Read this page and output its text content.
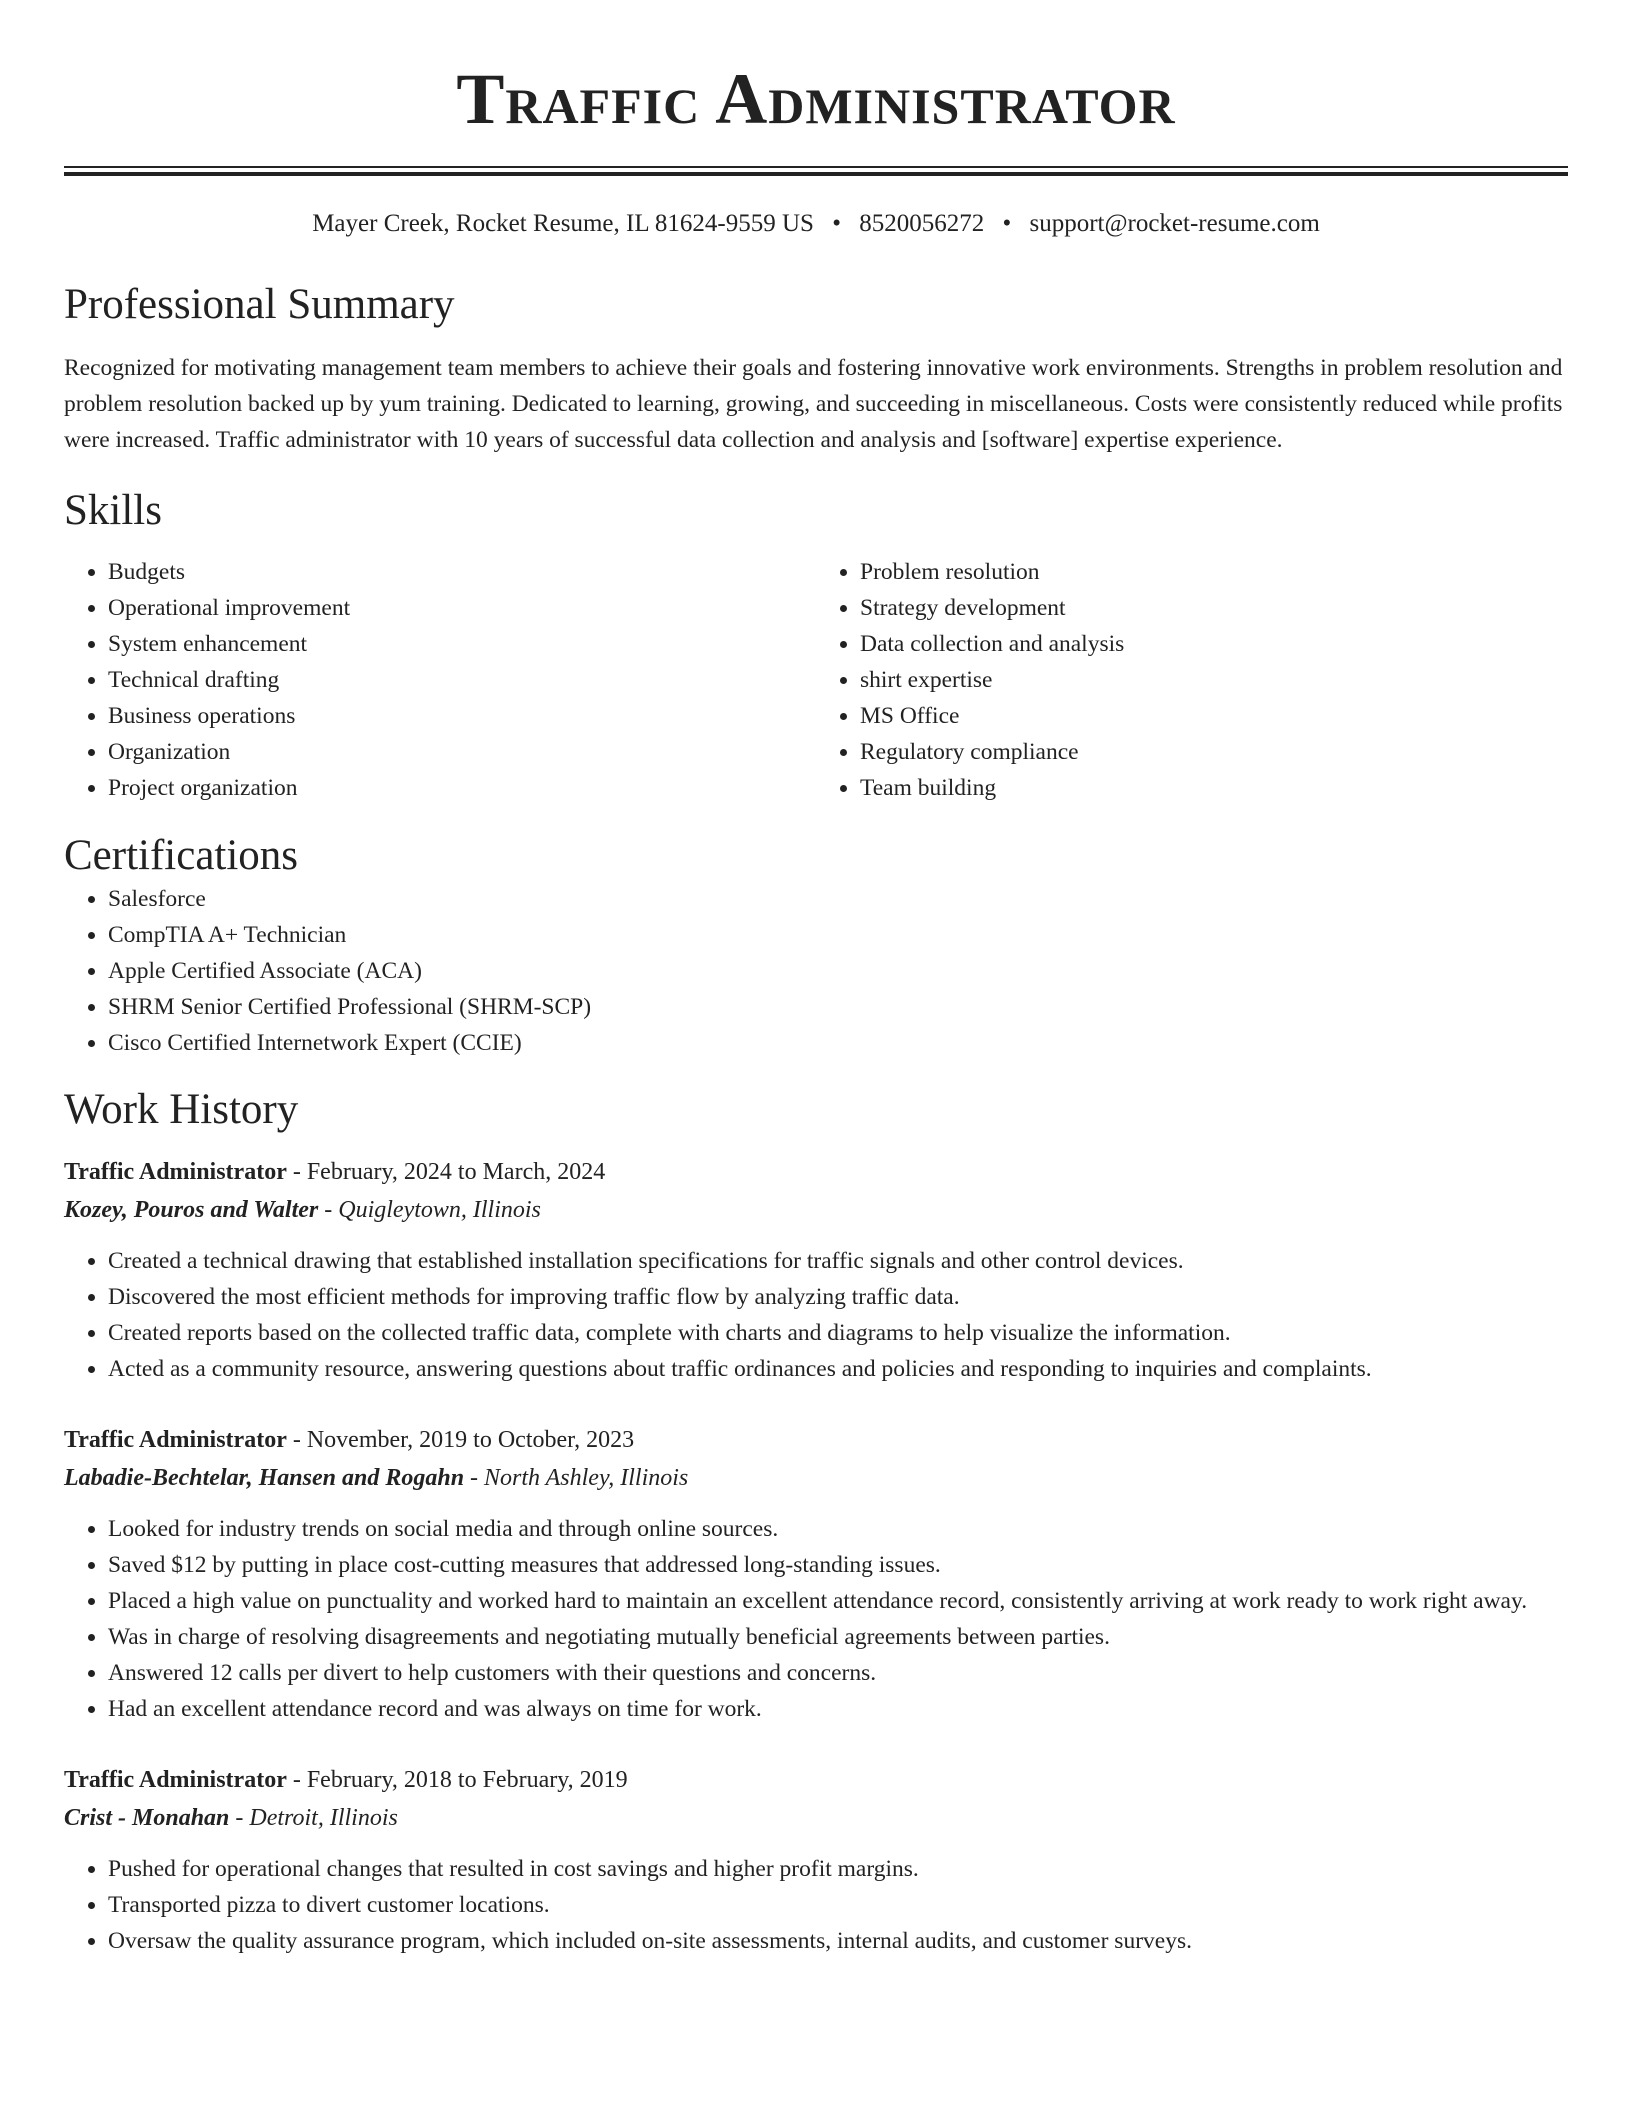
Traffic Administrator
Mayer Creek, Rocket Resume, IL 81624-9559 US • 8520056272 • support@rocket-resume.com
Professional Summary

Recognized for motivating management team members to achieve their goals and fostering innovative work environments. Strengths in problem resolution and problem resolution backed up by yum training. Dedicated to learning, growing, and succeeding in miscellaneous. Costs were consistently reduced while profits were increased. Traffic administrator with 10 years of successful data collection and analysis and [software] expertise experience.

Skills
• Budgets
• Operational improvement
• System enhancement
• Technical drafting
• Business operations
• Organization
• Project organization
• Problem resolution
• Strategy development
• Data collection and analysis
• shirt expertise
• MS Office
• Regulatory compliance
• Team building
Certifications
• Salesforce
• CompTIA A+ Technician
• Apple Certified Associate (ACA)
• SHRM Senior Certified Professional (SHRM-SCP)
• Cisco Certified Internetwork Expert (CCIE)
Work History
Traffic Administrator - February, 2024 to March, 2024
Kozey, Pouros and Walter - Quigleytown, Illinois
• Created a technical drawing that established installation specifications for traffic signals and other control devices.
• Discovered the most efficient methods for improving traffic flow by analyzing traffic data.
• Created reports based on the collected traffic data, complete with charts and diagrams to help visualize the information.
• Acted as a community resource, answering questions about traffic ordinances and policies and responding to inquiries and complaints.
Traffic Administrator - November, 2019 to October, 2023
Labadie-Bechtelar, Hansen and Rogahn - North Ashley, Illinois
• Looked for industry trends on social media and through online sources.
• Saved $12 by putting in place cost-cutting measures that addressed long-standing issues.
• Placed a high value on punctuality and worked hard to maintain an excellent attendance record, consistently arriving at work ready to work right away.
• Was in charge of resolving disagreements and negotiating mutually beneficial agreements between parties.
• Answered 12 calls per divert to help customers with their questions and concerns.
• Had an excellent attendance record and was always on time for work.
Traffic Administrator - February, 2018 to February, 2019
Crist - Monahan - Detroit, Illinois
• Pushed for operational changes that resulted in cost savings and higher profit margins.
• Transported pizza to divert customer locations.
• Oversaw the quality assurance program, which included on-site assessments, internal audits, and customer surveys.
